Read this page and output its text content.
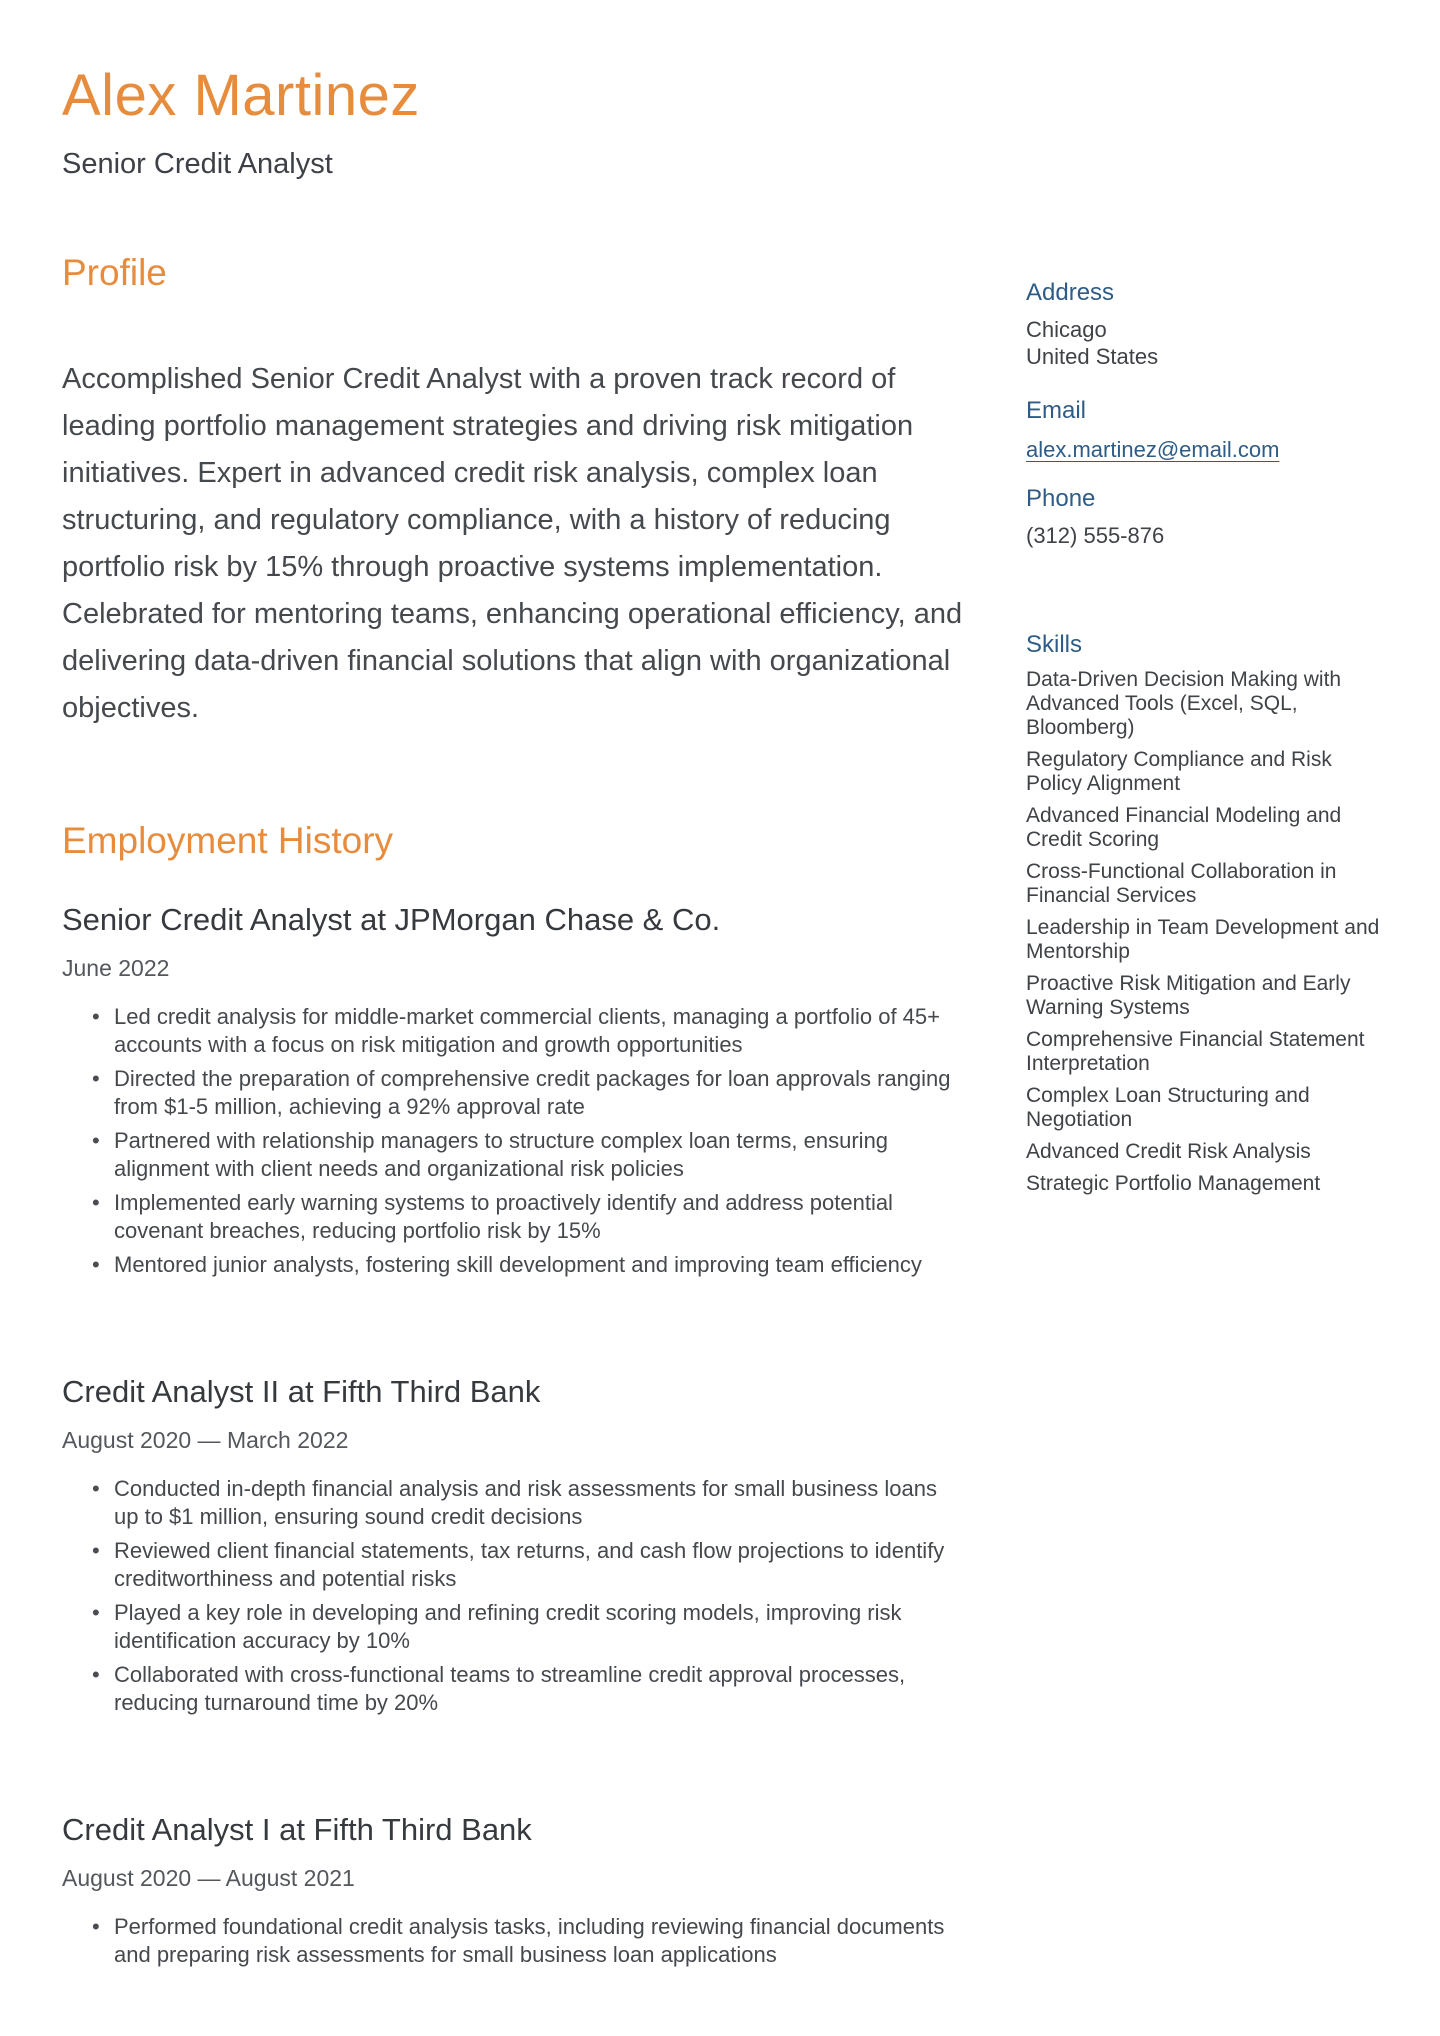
Alex Martinez
Senior Credit Analyst
Profile

Accomplished Senior Credit Analyst with a proven track record of leading portfolio management strategies and driving risk mitigation initiatives. Expert in advanced credit risk analysis, complex loan structuring, and regulatory compliance, with a history of reducing portfolio risk by 15% through proactive systems implementation. Celebrated for mentoring teams, enhancing operational efficiency, and delivering data-driven financial solutions that align with organizational objectives.

Employment History
Senior Credit Analyst at JPMorgan Chase & Co.
June 2022
• Led credit analysis for middle-market commercial clients, managing a portfolio of 45+ accounts with a focus on risk mitigation and growth opportunities
• Directed the preparation of comprehensive credit packages for loan approvals ranging from $1-5 million, achieving a 92% approval rate
• Partnered with relationship managers to structure complex loan terms, ensuring alignment with client needs and organizational risk policies
• Implemented early warning systems to proactively identify and address potential covenant breaches, reducing portfolio risk by 15%
• Mentored junior analysts, fostering skill development and improving team efficiency
Credit Analyst II at Fifth Third Bank
August 2020 — March 2022
• Conducted in-depth financial analysis and risk assessments for small business loans up to $1 million, ensuring sound credit decisions
• Reviewed client financial statements, tax returns, and cash flow projections to identify creditworthiness and potential risks
• Played a key role in developing and refining credit scoring models, improving risk identification accuracy by 10%
• Collaborated with cross-functional teams to streamline credit approval processes, reducing turnaround time by 20%
Credit Analyst I at Fifth Third Bank
August 2020 — August 2021
• Performed foundational credit analysis tasks, including reviewing financial documents and preparing risk assessments for small business loan applications
Address
Chicago
United States
Email
alex.martinez@email.com
Phone
(312) 555-876
Skills
Data-Driven Decision Making with Advanced Tools (Excel, SQL, Bloomberg)
Regulatory Compliance and Risk Policy Alignment
Advanced Financial Modeling and Credit Scoring
Cross-Functional Collaboration in Financial Services
Leadership in Team Development and Mentorship
Proactive Risk Mitigation and Early Warning Systems
Comprehensive Financial Statement Interpretation
Complex Loan Structuring and Negotiation
Advanced Credit Risk Analysis
Strategic Portfolio Management
